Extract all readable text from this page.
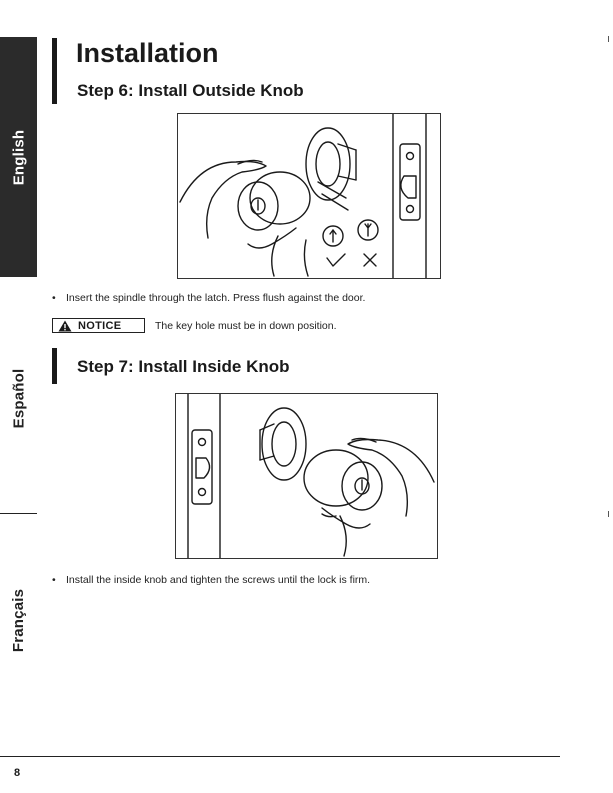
English
Español
Français
Installation
Step 6: Install Outside Knob
• Insert the spindle through the latch. Press flush against the door.
NOTICE	The key hole must be in down position.
Step 7: Install Inside Knob
• Install the inside knob and tighten the screws until the lock is firm.
8
